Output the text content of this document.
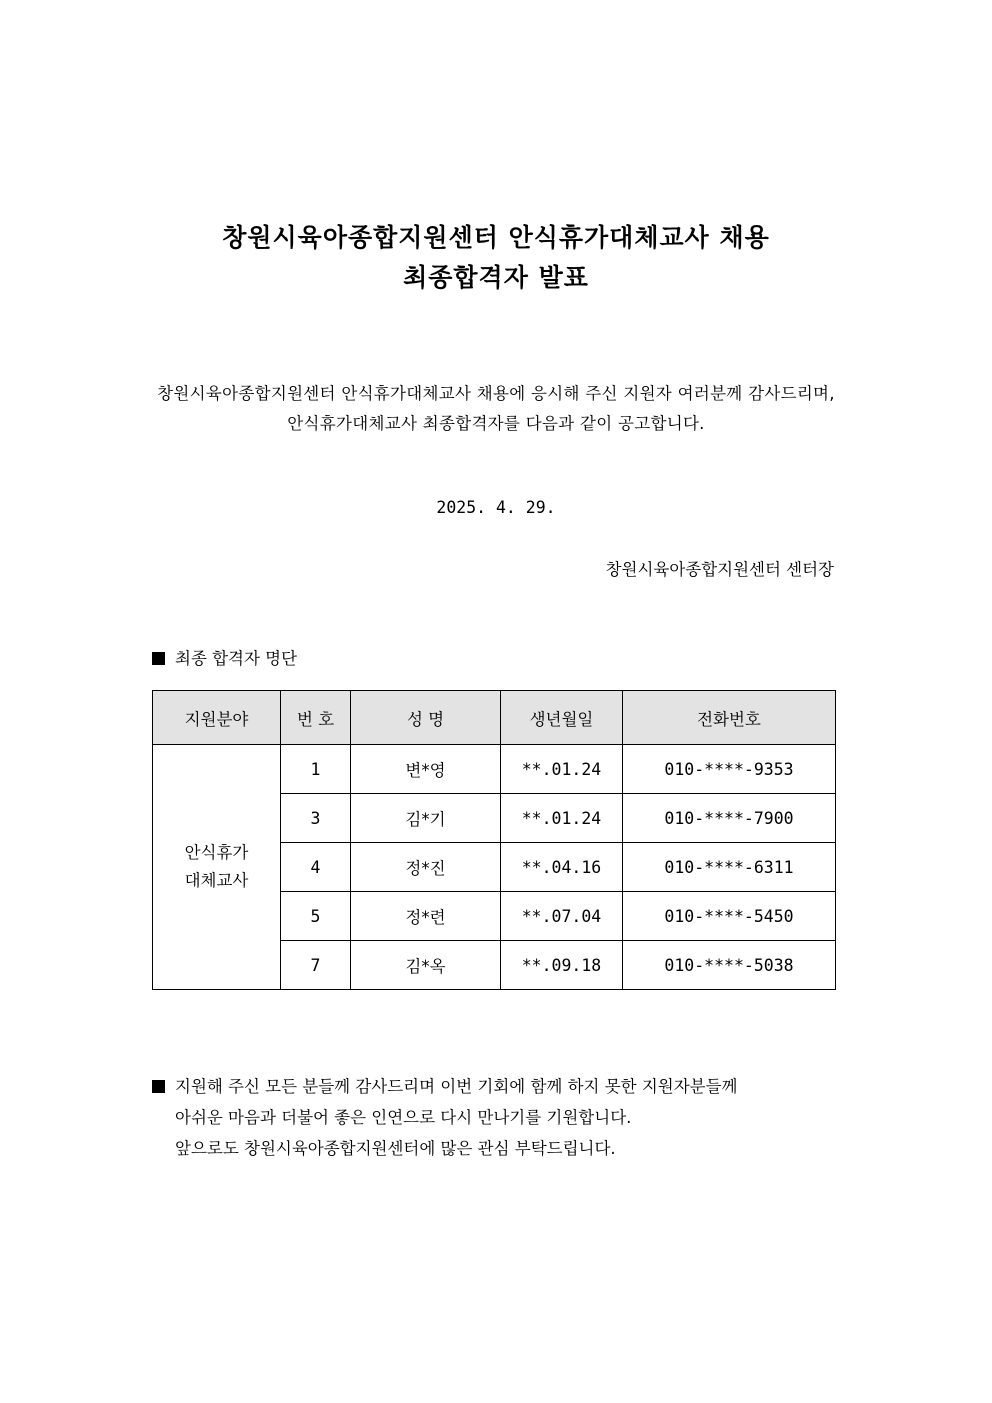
창원시육아종합지원센터 안식휴가대체교사 채용
최종합격자 발표
창원시육아종합지원센터 안식휴가대체교사 채용에 응시해 주신 지원자 여러분께 감사드리며,
안식휴가대체교사 최종합격자를 다음과 같이 공고합니다.
2025. 4. 29.
창원시육아종합지원센터 센터장
최종 합격자 명단
지원분야	번 호	성 명	생년월일	전화번호

안식휴가
대체교사	1	변*영	**.01.24	010-****-9353
	3	김*기	**.01.24	010-****-7900
	4	정*진	**.04.16	010-****-6311
	5	정*련	**.07.04	010-****-5450
	7	김*옥	**.09.18	010-****-5038
지원해 주신 모든 분들께 감사드리며 이번 기회에 함께 하지 못한 지원자분들께
아쉬운 마음과 더불어 좋은 인연으로 다시 만나기를 기원합니다.
앞으로도 창원시육아종합지원센터에 많은 관심 부탁드립니다.
